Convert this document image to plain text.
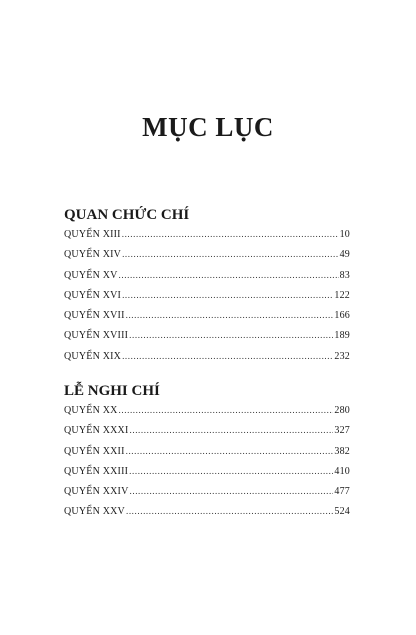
MỤC LỤC
QUAN CHỨC CHÍ
QUYỂN XIII .....	10
QUYỂN XIV .....	49
QUYỂN XV .....	83
QUYỂN XVI .....	122
QUYỂN XVII .....	166
QUYỂN XVIII .....	189
QUYỂN XIX .....	232
LỄ NGHI CHÍ
QUYỂN XX .....	280
QUYỂN XXXI .....	327
QUYỂN XXII .....	382
QUYỂN XXIII .....	410
QUYỂN XXIV .....	477
QUYỂN XXV .....	524
